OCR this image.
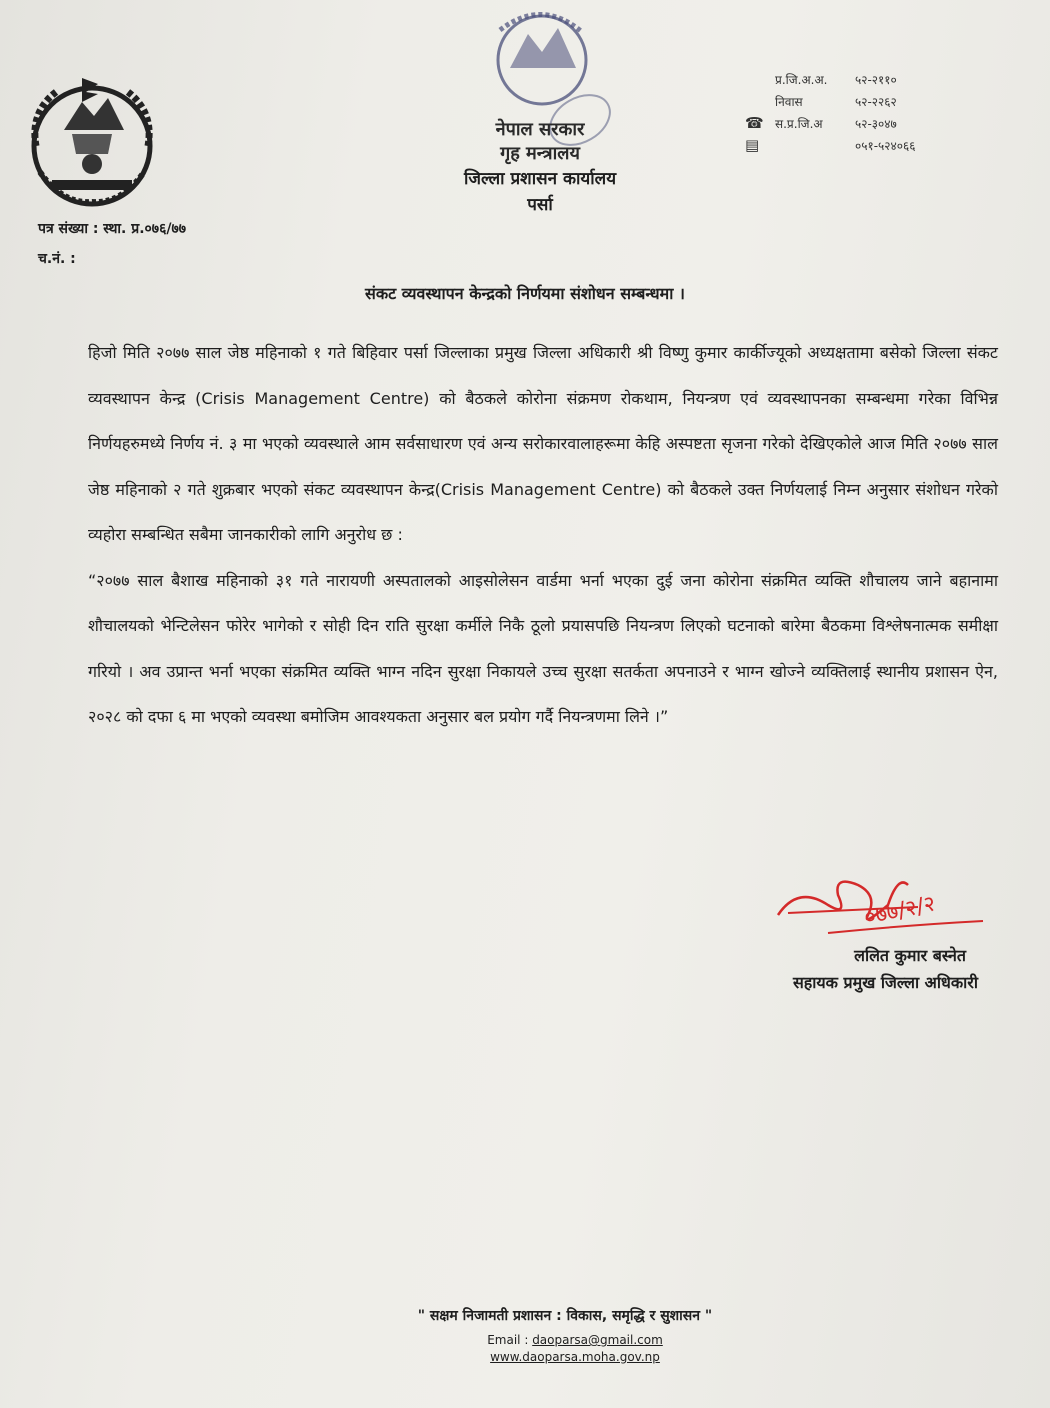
नेपाल सरकार
गृह मन्त्रालय
जिल्ला प्रशासन कार्यालय
पर्सा
प्र.जि.अ.अ.	५२-२११०
निवास	५२-२२६२
☎ स.प्र.जि.अ	५२-३०४७
▤	०५१-५२४०६६
पत्र संख्या : स्था. प्र.०७६/७७
च.नं. :
संकट व्यवस्थापन केन्द्रको निर्णयमा संशोधन सम्बन्धमा ।

हिजो मिति २०७७ साल जेष्ठ महिनाको १ गते बिहिवार पर्सा जिल्लाका प्रमुख जिल्ला अधिकारी श्री विष्णु कुमार कार्कीज्यूको अध्यक्षतामा बसेको जिल्ला संकट व्यवस्थापन केन्द्र (Crisis Management Centre) को बैठकले कोरोना संक्रमण रोकथाम, नियन्त्रण एवं व्यवस्थापनका सम्बन्धमा गरेका विभिन्न निर्णयहरुमध्ये निर्णय नं. ३ मा भएको व्यवस्थाले आम सर्वसाधारण एवं अन्य सरोकारवालाहरूमा केहि अस्पष्टता सृजना गरेको देखिएकोले आज मिति २०७७ साल जेष्ठ महिनाको २ गते शुक्रबार भएको संकट व्यवस्थापन केन्द्र(Crisis Management Centre) को बैठकले उक्त निर्णयलाई निम्न अनुसार संशोधन गरेको व्यहोरा सम्बन्धित सबैमा जानकारीको लागि अनुरोध छ :

“२०७७ साल बैशाख महिनाको ३१ गते नारायणी अस्पतालको आइसोलेसन वार्डमा भर्ना भएका दुई जना कोरोना संक्रमित व्यक्ति शौचालय जाने बहानामा शौचालयको भेन्टिलेसन फोरेर भागेको र सोही दिन राति सुरक्षा कर्मीले निकै ठूलो प्रयासपछि नियन्त्रण लिएको घटनाको बारेमा बैठकमा विश्लेषनात्मक समीक्षा गरियो । अव उप्रान्त भर्ना भएका संक्रमित व्यक्ति भाग्न नदिन सुरक्षा निकायले उच्च सुरक्षा सतर्कता अपनाउने र भाग्न खोज्ने व्यक्तिलाई स्थानीय प्रशासन ऐन, २०२८ को दफा ६ मा भएको व्यवस्था बमोजिम आवश्यकता अनुसार बल प्रयोग गर्दै नियन्त्रणमा लिने ।”

०७७/२/२
ललित कुमार बस्नेत
सहायक प्रमुख जिल्ला अधिकारी
" सक्षम निजामती प्रशासन : विकास, समृद्धि र सुशासन "
Email : daoparsa@gmail.com
www.daoparsa.moha.gov.np
